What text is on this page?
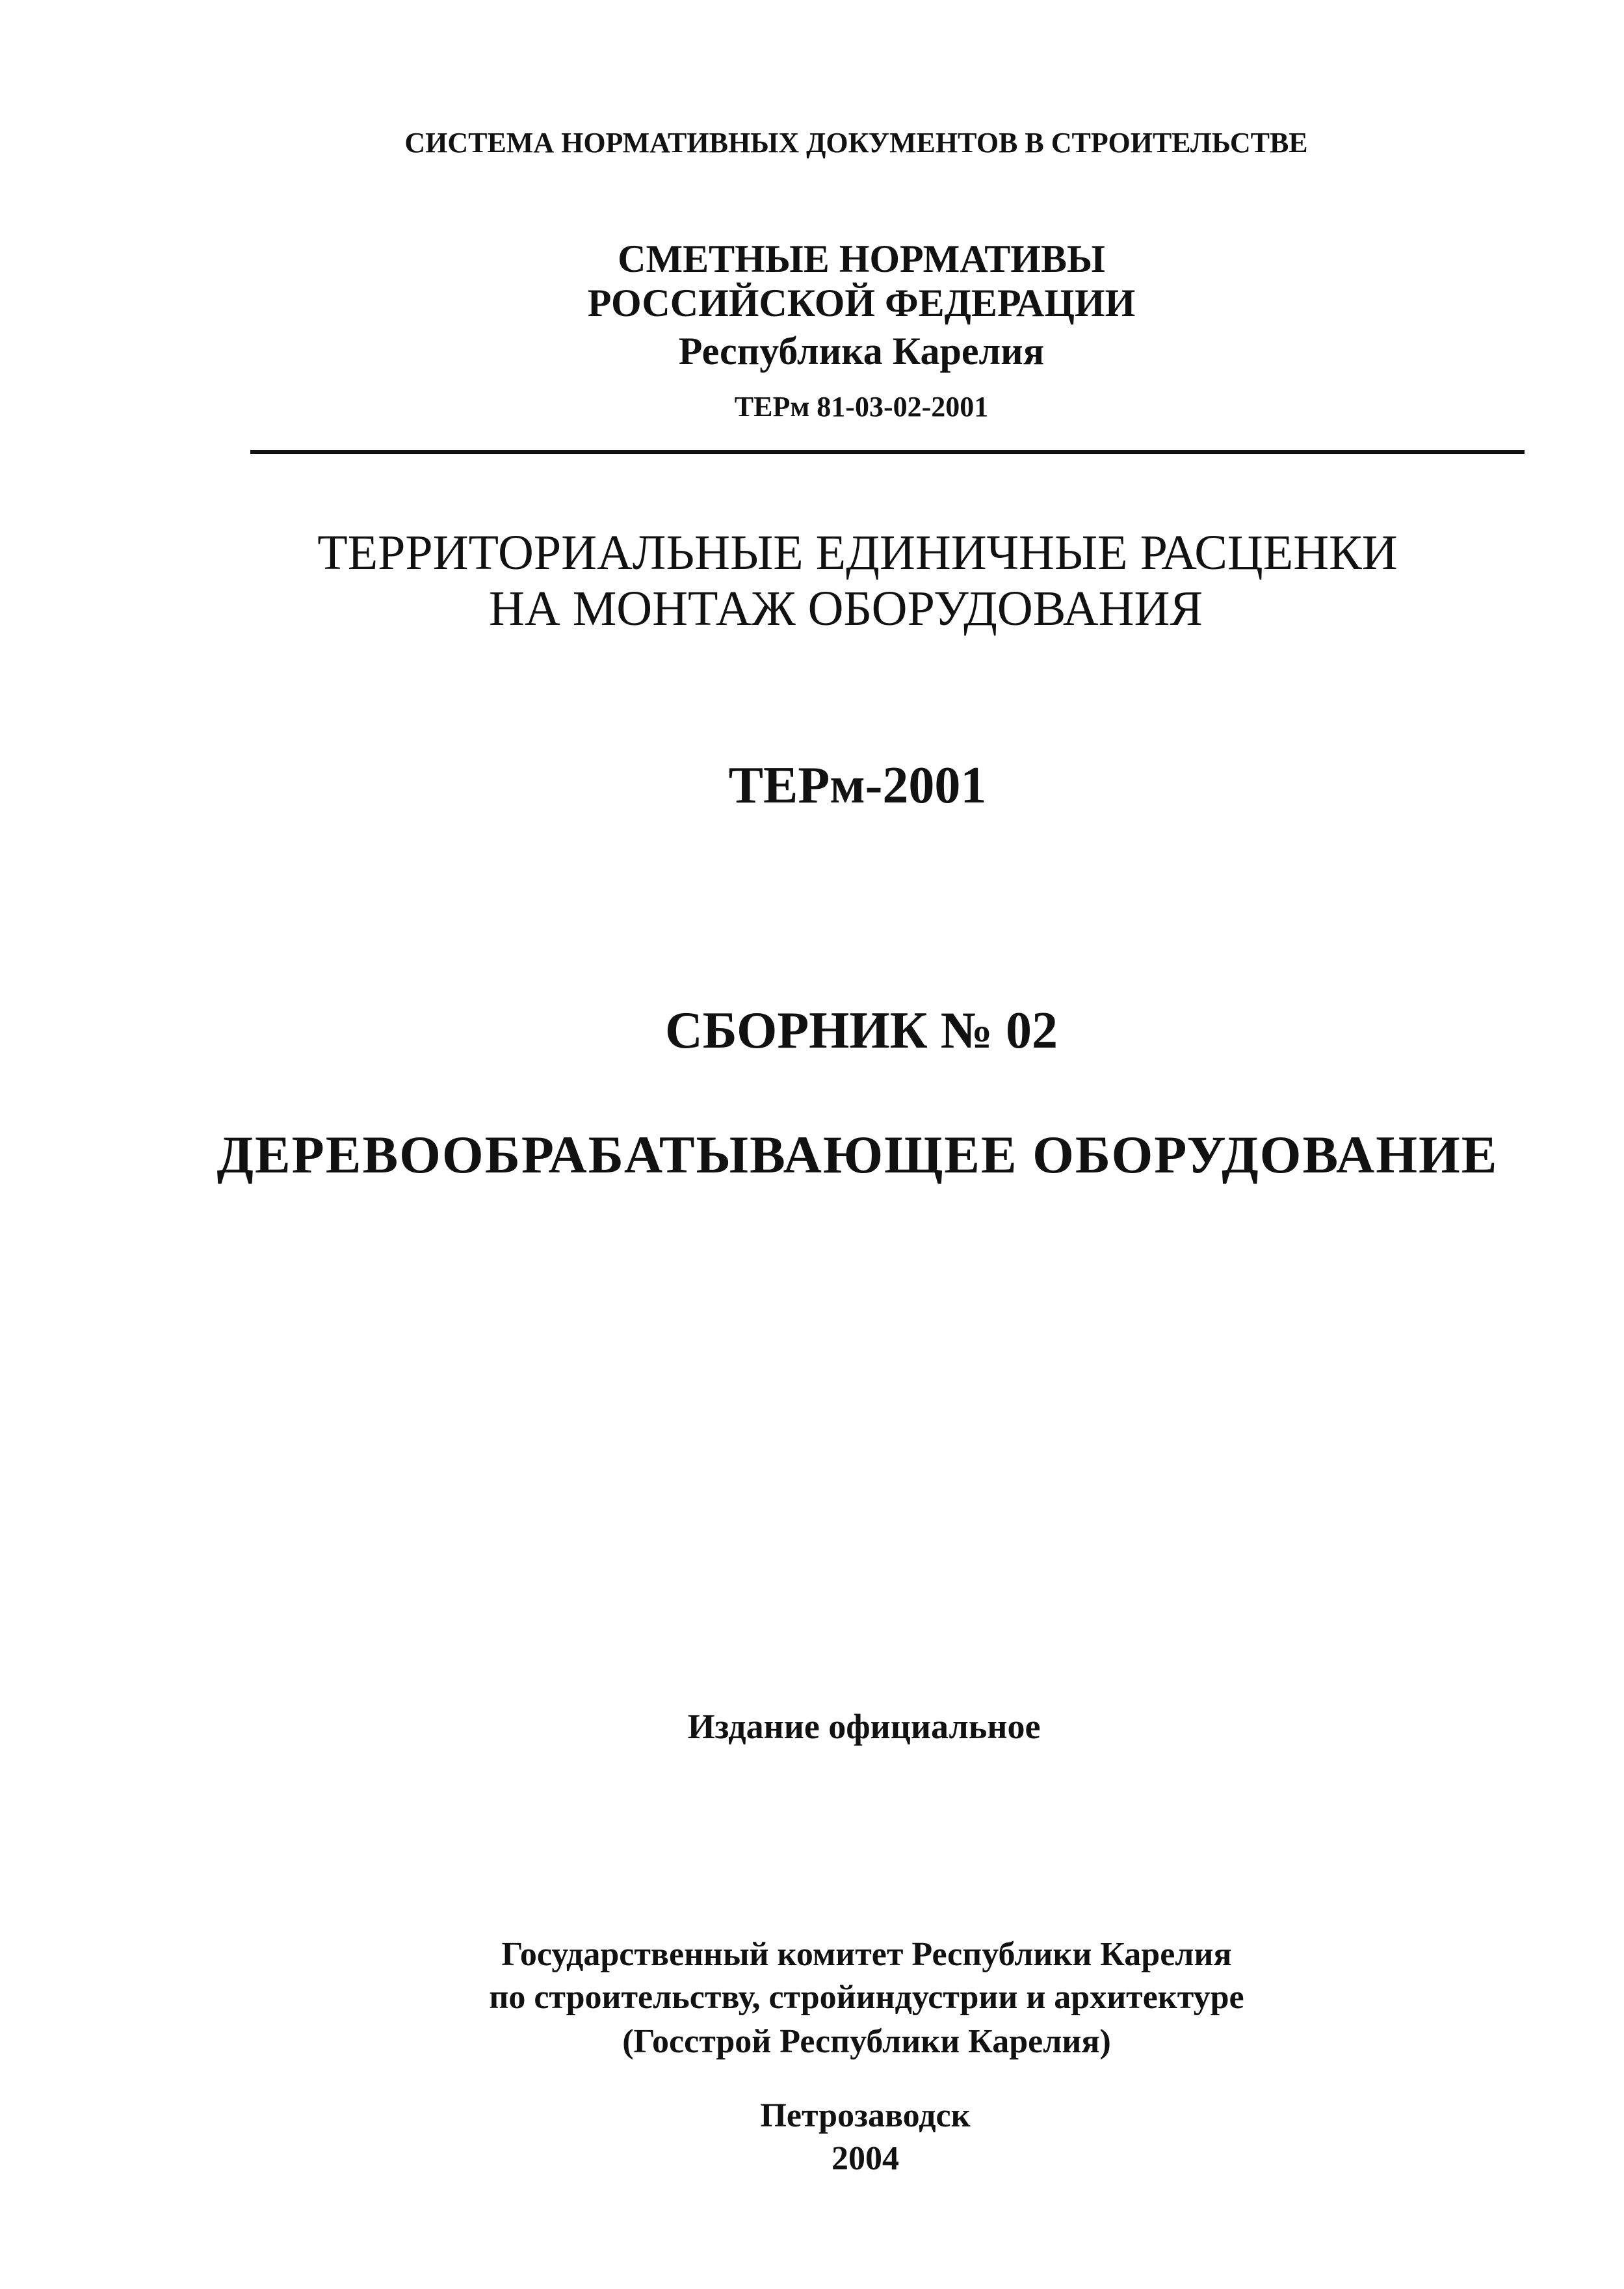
СИСТЕМА НОРМАТИВНЫХ ДОКУМЕНТОВ В СТРОИТЕЛЬСТВЕ
СМЕТНЫЕ НОРМАТИВЫ
РОССИЙСКОЙ ФЕДЕРАЦИИ
Республика Карелия
ТЕРм 81-03-02-2001
ТЕРРИТОРИАЛЬНЫЕ ЕДИНИЧНЫЕ РАСЦЕНКИ
НА МОНТАЖ ОБОРУДОВАНИЯ
ТЕРм-2001
СБОРНИК № 02
ДЕРЕВООБРАБАТЫВАЮЩЕЕ ОБОРУДОВАНИЕ
Издание официальное
Государственный комитет Республики Карелия
по строительству, стройиндустрии и архитектуре
(Госстрой Республики Карелия)
Петрозаводск
2004
